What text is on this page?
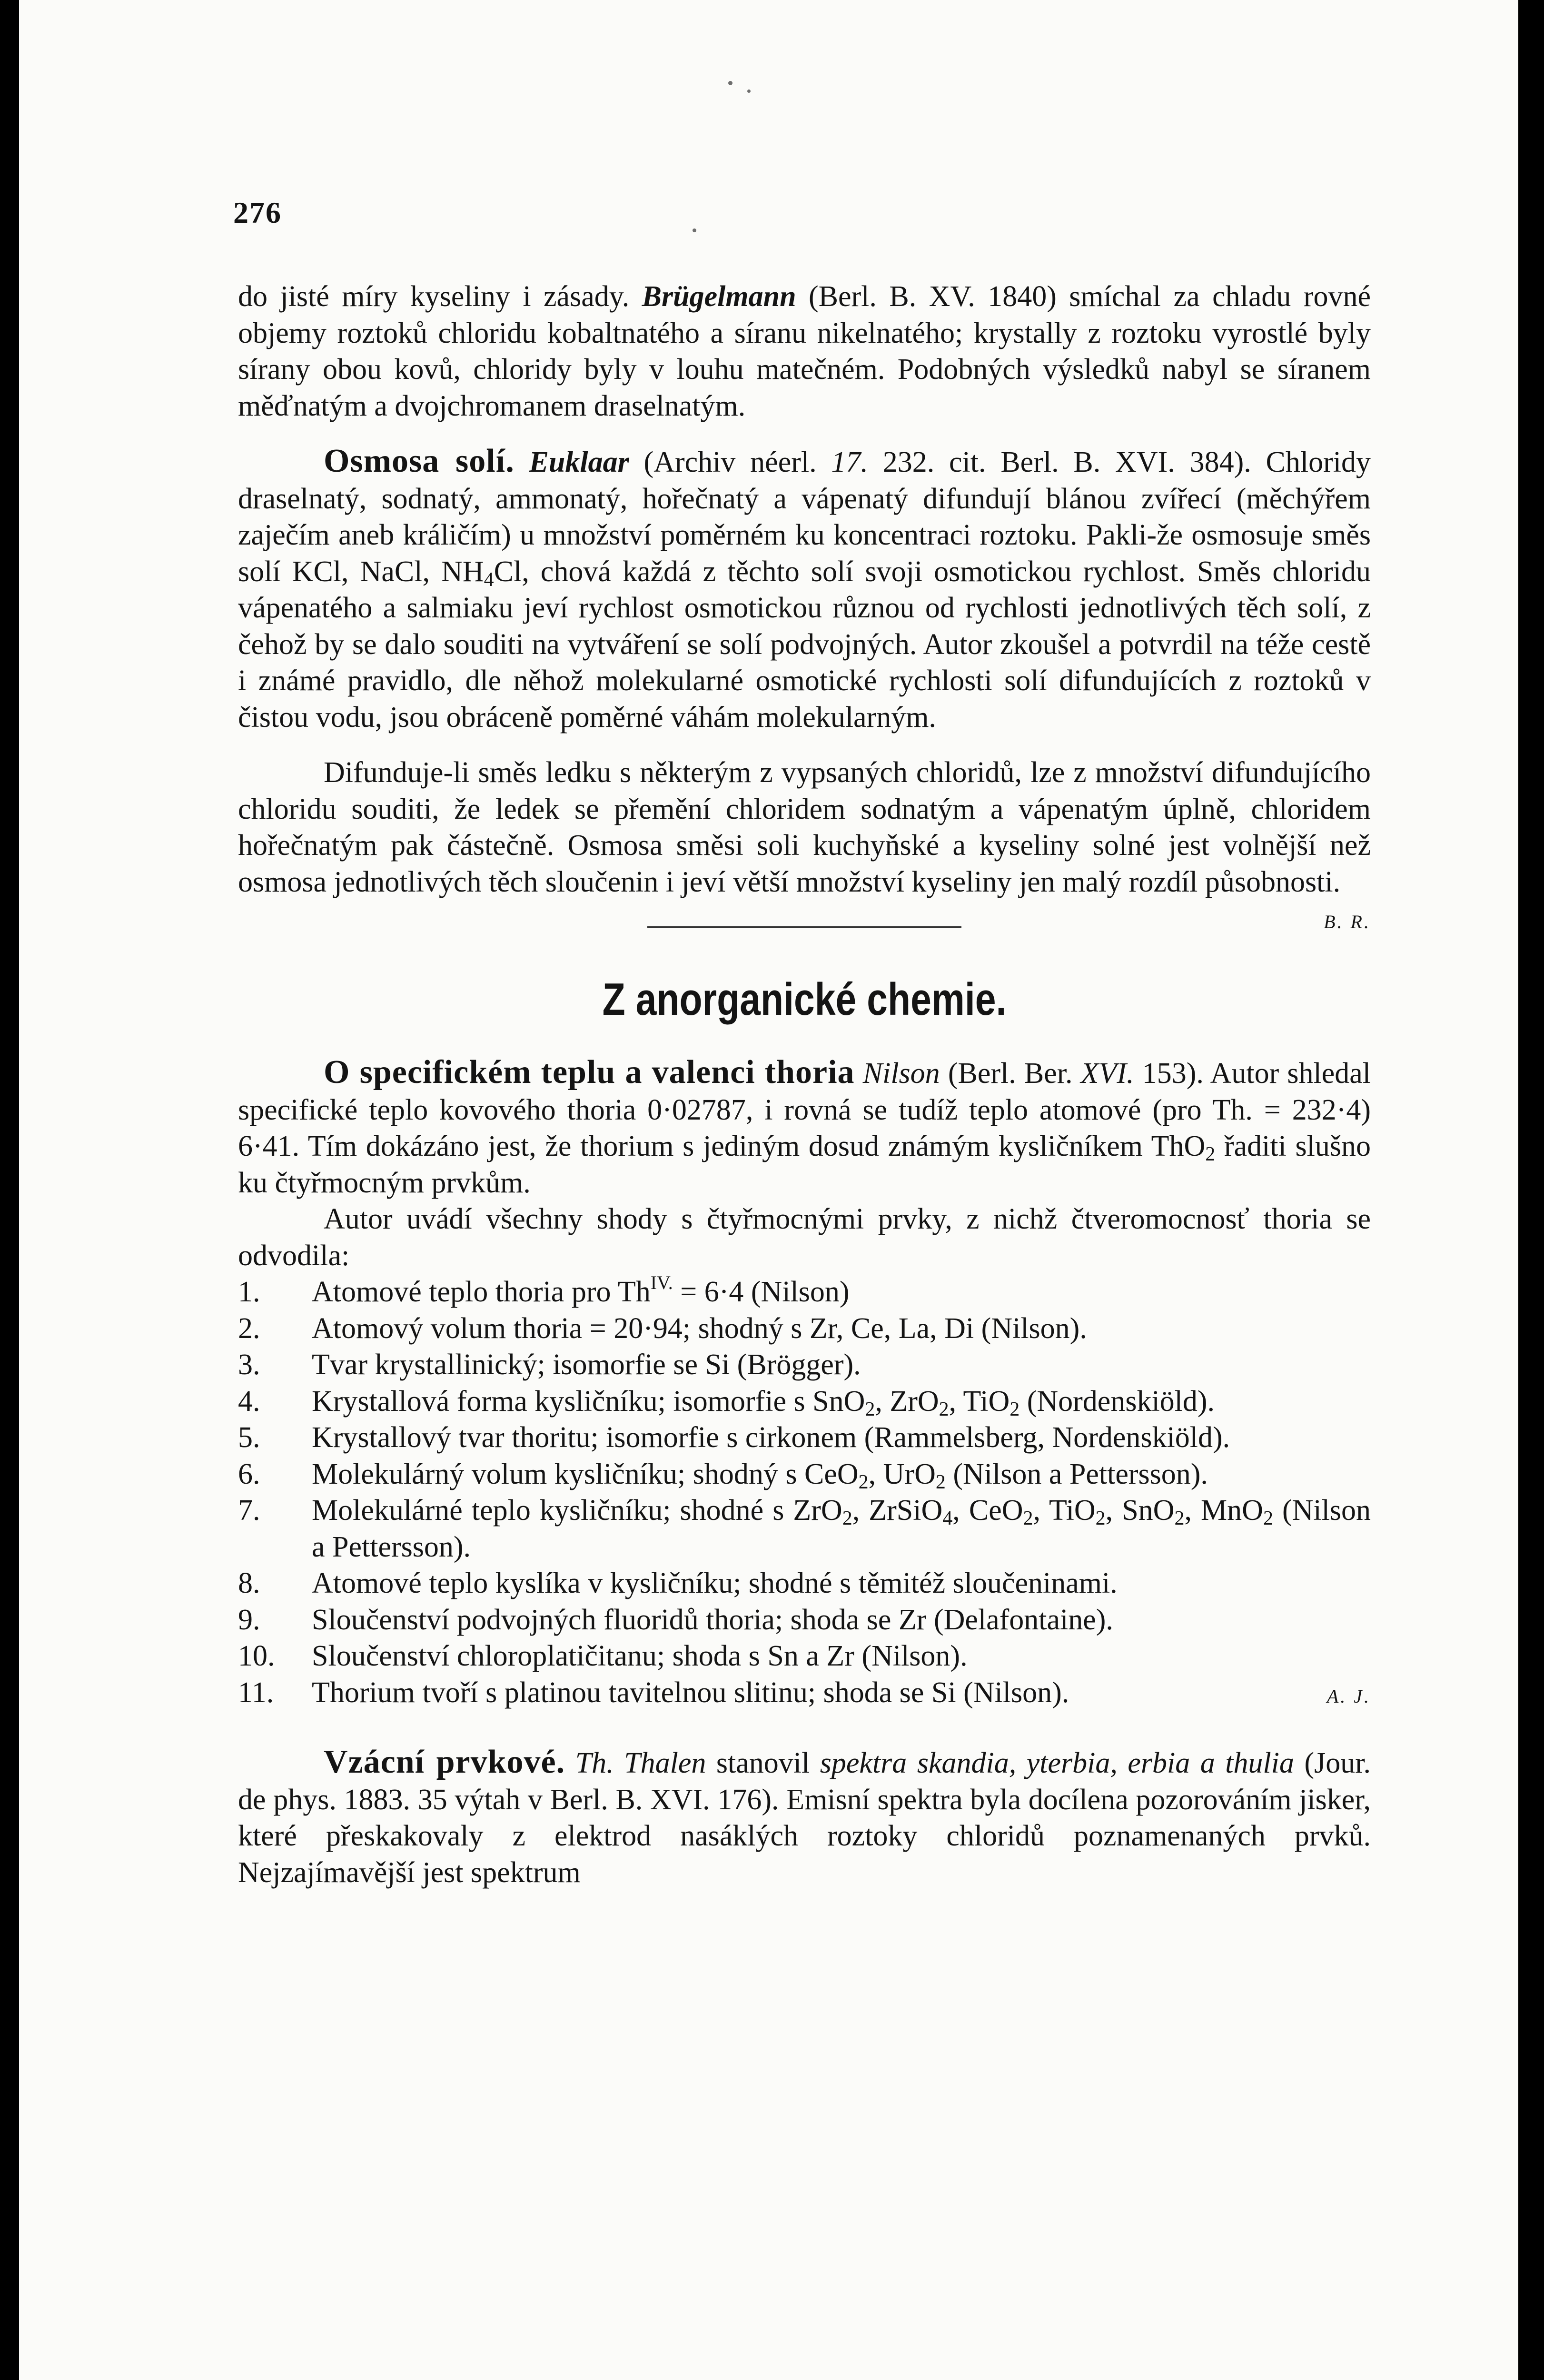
276

do jisté míry kyseliny i zásady. Brügelmann (Berl. B. XV. 1840) smíchal za chladu rovné objemy roztoků chloridu kobaltnatého a síranu nikelnatého; krystally z roztoku vyrostlé byly sírany obou kovů, chloridy byly v louhu matečném. Podobných výsledků nabyl se síranem měďnatým a dvojchromanem draselnatým.

Osmosa solí. Euklaar (Archiv néerl. 17. 232. cit. Berl. B. XVI. 384). Chloridy draselnatý, sodnatý, ammonatý, hořečnatý a vápenatý difundují blánou zvířecí (měchýřem zaječím aneb králičím) u množství poměrném ku koncentraci roztoku. Pakli-že osmosuje směs solí KCl, NaCl, $NH_4Cl$, chová každá z těchto solí svoji osmotickou rychlost. Směs chloridu vápenatého a salmiaku jeví rychlost osmotickou různou od rychlosti jednotlivých těch solí, z čehož by se dalo souditi na vytváření se solí podvojných. Autor zkoušel a potvrdil na téže cestě i známé pravidlo, dle něhož molekularné osmotické rychlosti solí difundujících z roztoků v čistou vodu, jsou obráceně poměrné váhám molekularným.

Difunduje-li směs ledku s některým z vypsaných chloridů, lze z množství difundujícího chloridu souditi, že ledek se přemění chloridem sodnatým a vápenatým úplně, chloridem hořečnatým pak částečně. Osmosa směsi soli kuchyňské a kyseliny solné jest volnější než osmosa jednotlivých těch sloučenin i jeví větší množství kyseliny jen malý rozdíl působnosti.
B. R.

Z anorganické chemie.

O specifickém teplu a valenci thoria Nilson (Berl. Ber. XVI. 153). Autor shledal specifické teplo kovového thoria 0·02787, i rovná se tudíž teplo atomové (pro Th. = 232·4) 6·41. Tím dokázáno jest, že thorium s jediným dosud známým kysličníkem ThO$_2$ řaditi slušno ku čtyřmocným prvkům.

Autor uvádí všechny shody s čtyřmocnými prvky, z nichž čtveromocnosť thoria se odvodila:

1.	Atomové teplo thoria pro $Th^{IV.} = 6\cdot 4$ (Nilson)
2.	Atomový volum thoria = 20·94; shodný s Zr, Ce, La, Di (Nilson).
3.	Tvar krystallinický; isomorfie se Si (Brögger).
4.	Krystallová forma kysličníku; isomorfie s SnO$_2$, ZrO$_2$, TiO$_2$ (Nordenskiöld).
5.	Krystallový tvar thoritu; isomorfie s cirkonem (Rammelsberg, Nordenskiöld).
6.	Molekulárný volum kysličníku; shodný s CeO$_2$, UrO$_2$ (Nilson a Pettersson).
7.	Molekulárné teplo kysličníku; shodné s ZrO$_2$, ZrSiO$_4$, CeO$_2$, TiO$_2$, SnO$_2$, MnO$_2$ (Nilson a Pettersson).
8.	Atomové teplo kyslíka v kysličníku; shodné s těmitéž sloučeninami.
9.	Sloučenství podvojných fluoridů thoria; shoda se Zr (Delafontaine).
10.	Sloučenství chloroplatičitanu; shoda s Sn a Zr (Nilson).
11.	Thorium tvoří s platinou tavitelnou slitinu; shoda se Si (Nilson).	A. J.

Vzácní prvkové. Th. Thalen stanovil spektra skandia, yterbia, erbia a thulia (Jour. de phys. 1883. 35 výtah v Berl. B. XVI. 176). Emisní spektra byla docílena pozorováním jisker, které přeskakovaly z elektrod nasáklých roztoky chloridů poznamenaných prvků. Nejzajímavější jest spektrum
